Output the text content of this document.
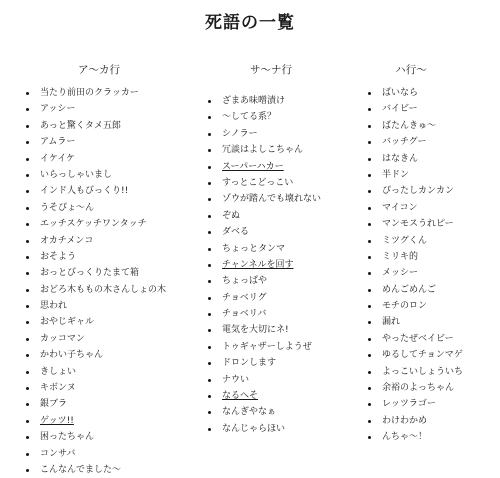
死語の一覧
ア〜カ行
当たり前田のクラッカー
アッシー
あっと驚くタメ五郎
アムラー
イケイケ
いらっしゃいまし
インド人もびっくり!!
うそぴょ〜ん
エッチスケッチワンタッチ
オカチメンコ
おそよう
おっとびっくりたまて箱
おどろ木ももの木さんしょの木
思われ
おやじギャル
カッコマン
かわい子ちゃん
きしょい
キボンヌ
銀ブラ
ゲッツ!!
困ったちゃん
コンサバ
こんなんでました〜
サ〜ナ行
ざまあ味噌漬け
〜してる系？
シノラー
冗談はよしこちゃん
スーパーハカー
すっとこどっこい
ゾウが踏んでも壊れない
ぞぬ
ダベる
ちょっとタンマ
チャンネルを回す
ちょっぱや
チョベリグ
チョベリバ
電気を大切にネ!
トゥギャザーしようぜ
ドロンします
ナウい
なるへそ
なんぎやなぁ
なんじゃらほい
ハ行〜
ばいなら
バイビー
ばたんきゅ〜
バッチグー
はなきん
半ドン
ぴったしカンカン
マイコン
マンモスうれピー
ミツグくん
ミリキ的
メッシー
めんごめんご
モチのロン
漏れ
やったぜベイビー
ゆるしてチョンマゲ
よっこいしょういち
余裕のよっちゃん
レッツラゴー
わけわかめ
んちゃ〜！
